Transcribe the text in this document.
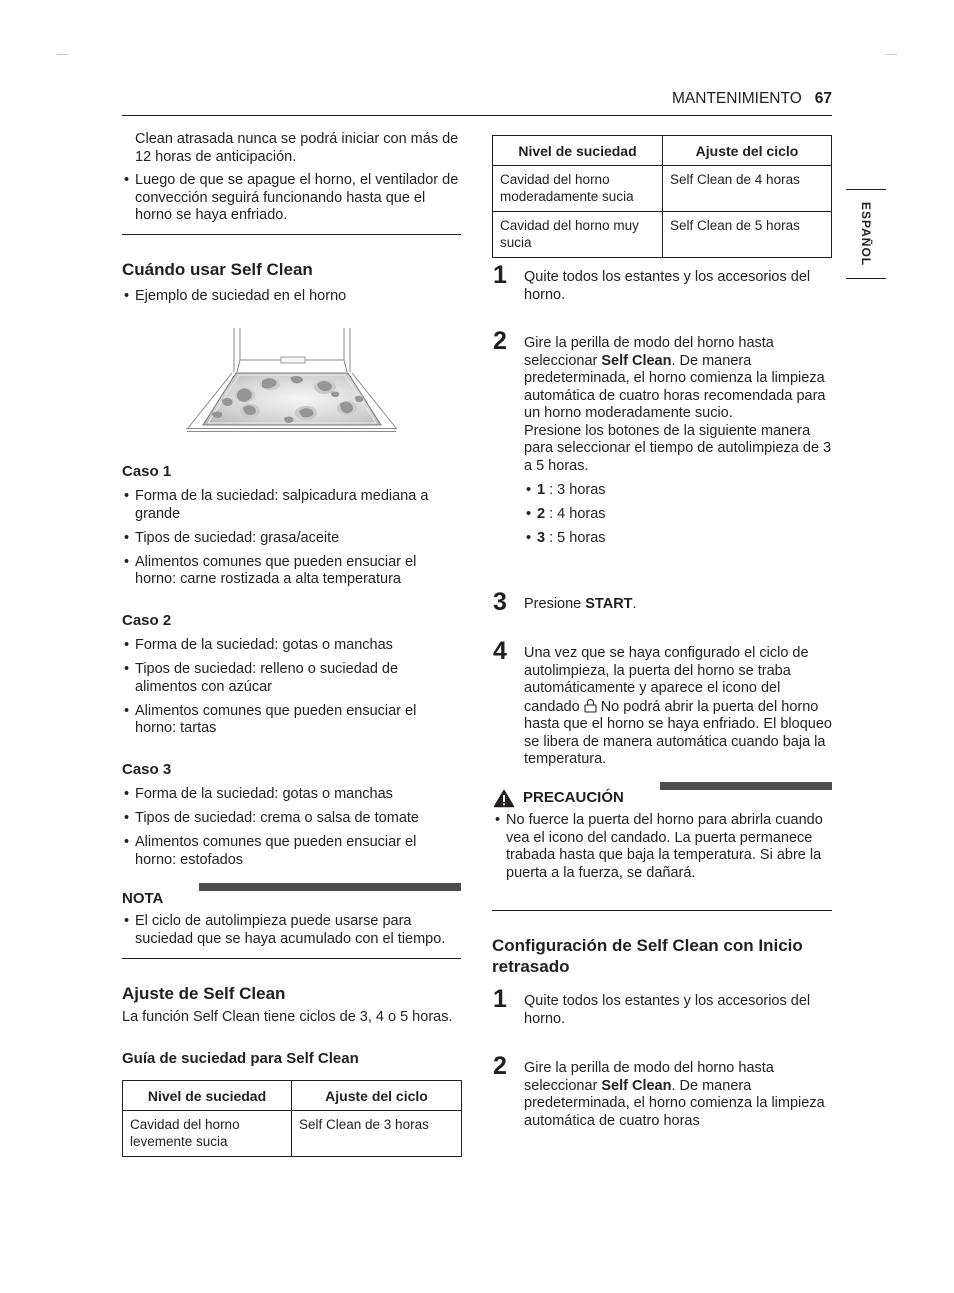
MANTENIMIENTO 67
ESPAÑOL
Clean atrasada nunca se podrá iniciar con más de 12 horas de anticipación.
• Luego de que se apague el horno, el ventilador de convección seguirá funcionando hasta que el horno se haya enfriado.
Cuándo usar Self Clean
• Ejemplo de suciedad en el horno
Caso 1
• Forma de la suciedad: salpicadura mediana a grande
• Tipos de suciedad: grasa/aceite
• Alimentos comunes que pueden ensuciar el horno: carne rostizada a alta temperatura
Caso 2
• Forma de la suciedad: gotas o manchas
• Tipos de suciedad: relleno o suciedad de alimentos con azúcar
• Alimentos comunes que pueden ensuciar el horno: tartas
Caso 3
• Forma de la suciedad: gotas o manchas
• Tipos de suciedad: crema o salsa de tomate
• Alimentos comunes que pueden ensuciar el horno: estofados
NOTA
• El ciclo de autolimpieza puede usarse para suciedad que se haya acumulado con el tiempo.
Ajuste de Self Clean
La función Self Clean tiene ciclos de 3, 4 o 5 horas.
Guía de suciedad para Self Clean
Nivel de suciedad	Ajuste del ciclo
Cavidad del horno levemente sucia	Self Clean de 3 horas
Nivel de suciedad	Ajuste del ciclo
Cavidad del horno moderadamente sucia	Self Clean de 4 horas
Cavidad del horno muy sucia	Self Clean de 5 horas
1 Quite todos los estantes y los accesorios del horno.
2 Gire la perilla de modo del horno hasta seleccionar Self Clean. De manera predeterminada, el horno comienza la limpieza automática de cuatro horas recomendada para un horno moderadamente sucio.
Presione los botones de la siguiente manera para seleccionar el tiempo de autolimpieza de 3 a 5 horas.
• 1 : 3 horas
• 2 : 4 horas
• 3 : 5 horas
3 Presione START.
4 Una vez que se haya configurado el ciclo de autolimpieza, la puerta del horno se traba automáticamente y aparece el icono del candado  No podrá abrir la puerta del horno hasta que el horno se haya enfriado. El bloqueo se libera de manera automática cuando baja la temperatura.
PRECAUCIÓN
• No fuerce la puerta del horno para abrirla cuando vea el icono del candado. La puerta permanece trabada hasta que baja la temperatura. Si abre la puerta a la fuerza, se dañará.
Configuración de Self Clean con Inicio retrasado
1 Quite todos los estantes y los accesorios del horno.
2 Gire la perilla de modo del horno hasta seleccionar Self Clean. De manera predeterminada, el horno comienza la limpieza automática de cuatro horas
